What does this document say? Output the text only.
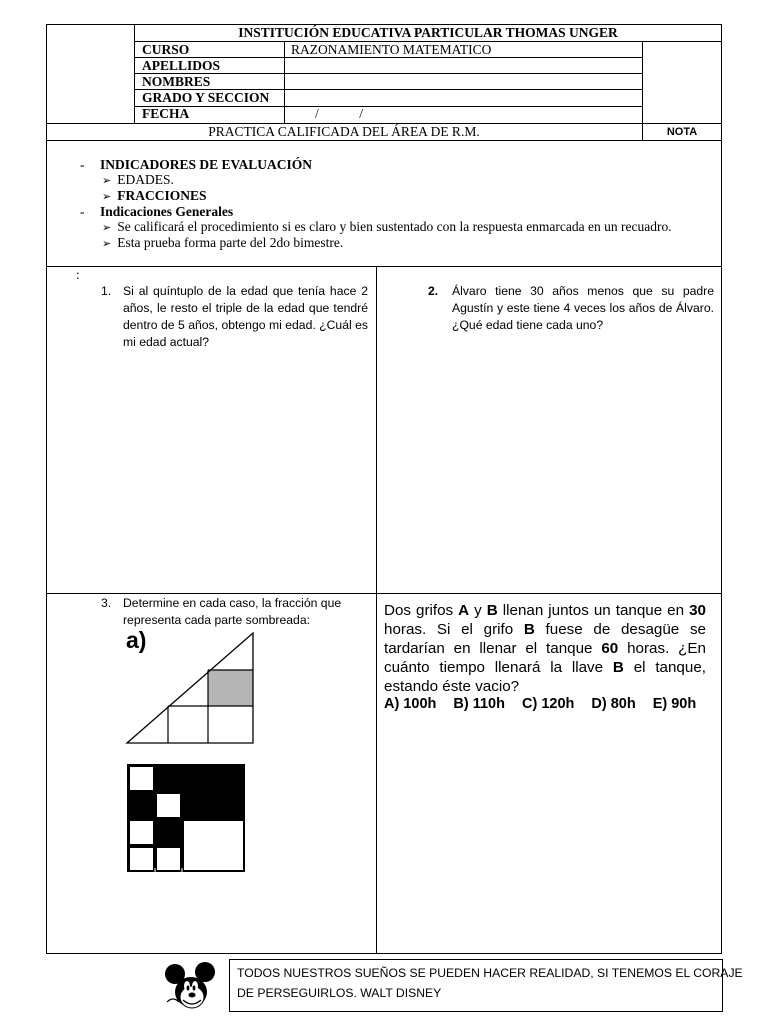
INSTITUCIÓN EDUCATIVA PARTICULAR THOMAS UNGER
CURSO	RAZONAMIENTO MATEMATICO
APELLIDOS
NOMBRES
GRADO Y SECCION
FECHA	/            /
PRACTICA CALIFICADA DEL ÁREA DE R.M.	NOTA
- INDICADORES DE EVALUACIÓN
➢ EDADES.
➢ FRACCIONES
- Indicaciones Generales
➢ Se calificará el procedimiento si es claro y bien sustentado con la respuesta enmarcada en un recuadro.
➢ Esta prueba forma parte del 2do bimestre.
:
1. Si al quíntuplo de la edad que tenía hace 2 años, le resto el triple de la edad que tendré dentro de 5 años, obtengo mi edad. ¿Cuál es mi edad actual?
2. Álvaro tiene 30 años menos que su padre Agustín y este tiene 4 veces los años de Álvaro. ¿Qué edad tiene cada uno?
3. Determine en cada caso, la fracción que representa cada parte sombreada:
a)
Dos grifos A y B llenan juntos un tanque en 30
horas. Si el grifo B fuese de desagüe se
tardarían en llenar el tanque 60 horas. ¿En
cuánto tiempo llenará la llave B el tanque,
estando éste vacio?
A) 100h B) 110h C) 120h D) 80h E) 90h
TODOS NUESTROS SUEÑOS SE PUEDEN HACER REALIDAD, SI TENEMOS EL CORAJE
DE PERSEGUIRLOS. WALT DISNEY
